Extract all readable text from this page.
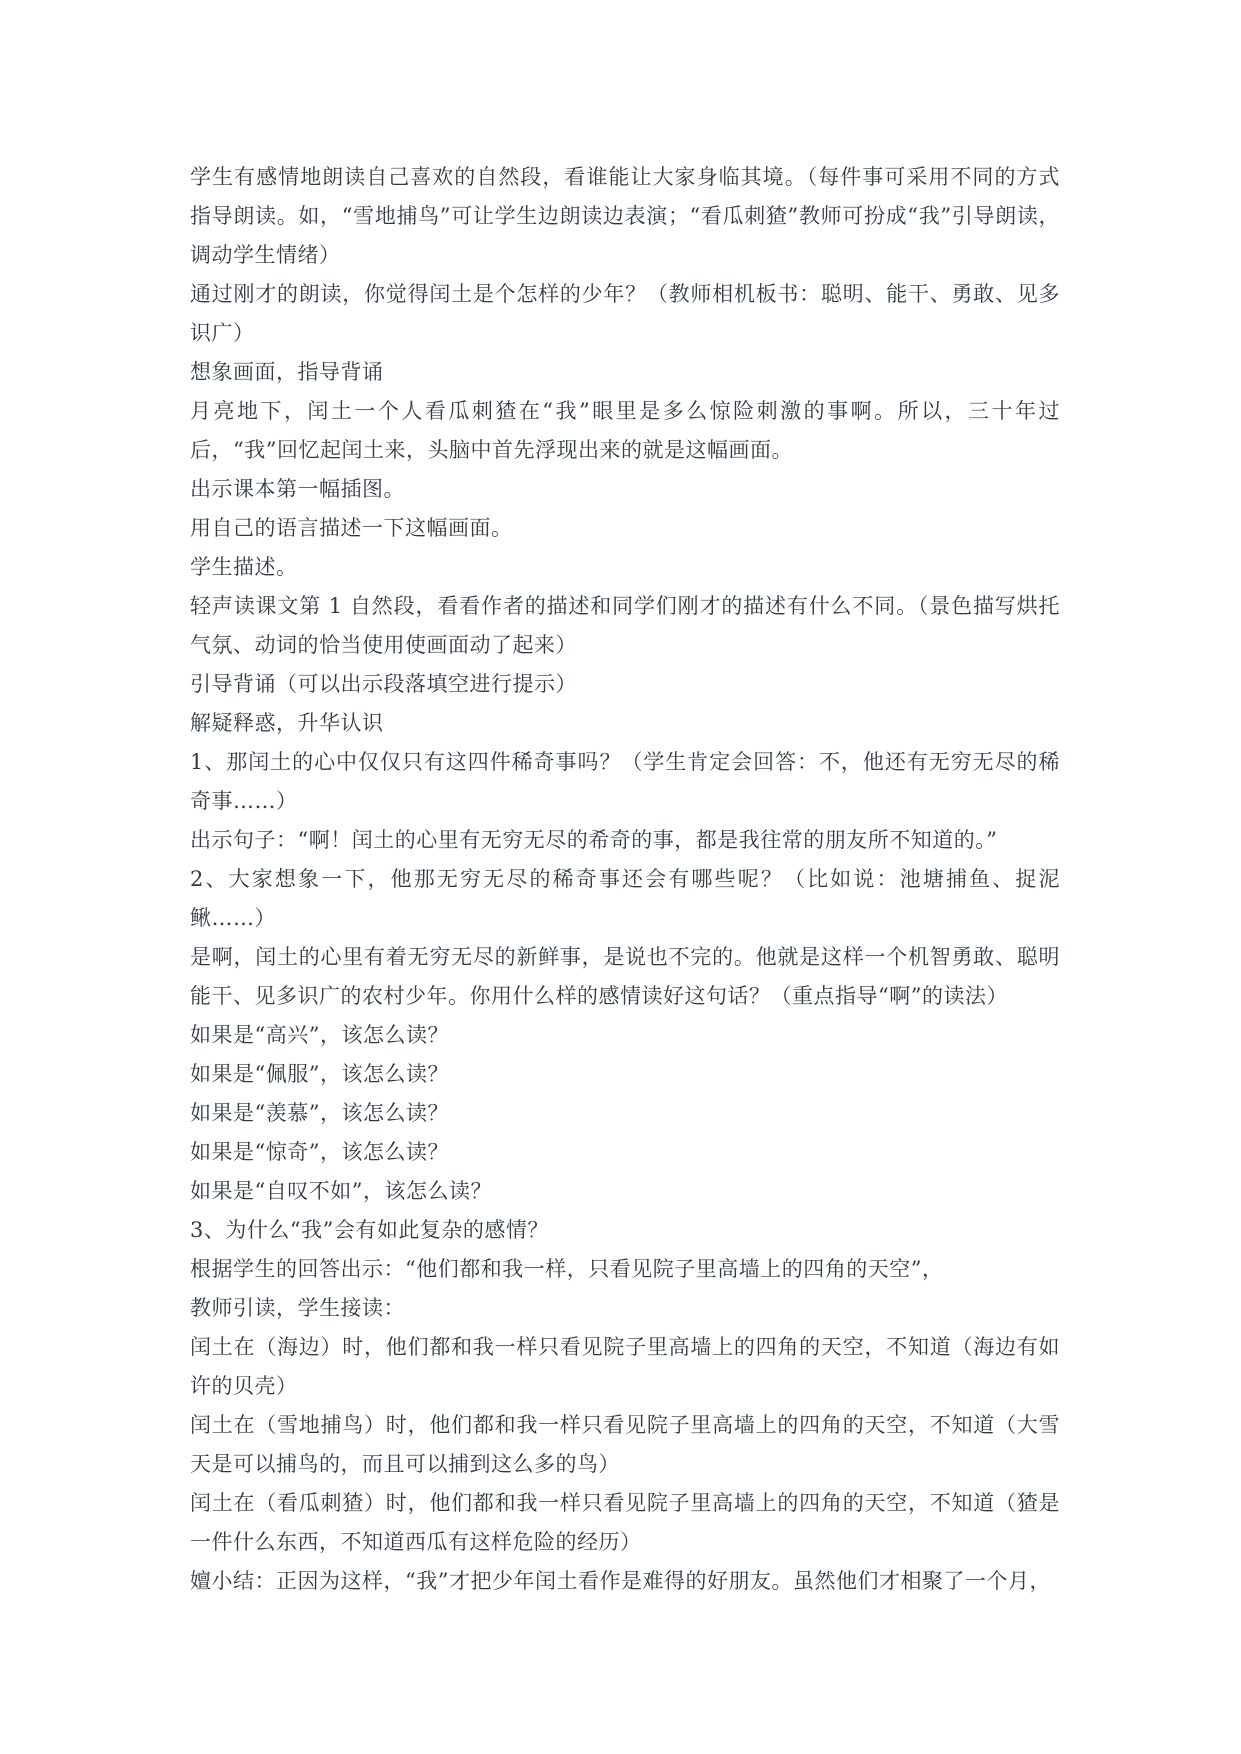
学生有感情地朗读自己喜欢的自然段，看谁能让大家身临其境。（每件事可采用不同的方式指导朗读。如，“雪地捕鸟”可让学生边朗读边表演；“看瓜刺猹”教师可扮成“我”引导朗读，调动学生情绪）

通过刚才的朗读，你觉得闰土是个怎样的少年？（教师相机板书：聪明、能干、勇敢、见多识广）

想象画面，指导背诵

月亮地下，闰土一个人看瓜刺猹在“我”眼里是多么惊险刺激的事啊。所以，三十年过后，“我”回忆起闰土来，头脑中首先浮现出来的就是这幅画面。

出示课本第一幅插图。

用自己的语言描述一下这幅画面。

学生描述。

轻声读课文第 1 自然段，看看作者的描述和同学们刚才的描述有什么不同。（景色描写烘托气氛、动词的恰当使用使画面动了起来）

引导背诵（可以出示段落填空进行提示）

解疑释惑，升华认识

1、那闰土的心中仅仅只有这四件稀奇事吗？（学生肯定会回答：不，他还有无穷无尽的稀奇事……）

出示句子：“啊！闰土的心里有无穷无尽的希奇的事，都是我往常的朋友所不知道的。”

2、大家想象一下，他那无穷无尽的稀奇事还会有哪些呢？（比如说：池塘捕鱼、捉泥鳅……）

是啊，闰土的心里有着无穷无尽的新鲜事，是说也不完的。他就是这样一个机智勇敢、聪明能干、见多识广的农村少年。你用什么样的感情读好这句话？（重点指导“啊”的读法）

如果是“高兴”，该怎么读？

如果是“佩服”，该怎么读？

如果是“羡慕”，该怎么读？

如果是“惊奇”，该怎么读？

如果是“自叹不如”，该怎么读？

3、为什么“我”会有如此复杂的感情？

根据学生的回答出示：“他们都和我一样，只看见院子里高墙上的四角的天空”，

教师引读，学生接读：

闰土在（海边）时，他们都和我一样只看见院子里高墙上的四角的天空，不知道（海边有如许的贝壳）

闰土在（雪地捕鸟）时，他们都和我一样只看见院子里高墙上的四角的天空，不知道（大雪天是可以捕鸟的，而且可以捕到这么多的鸟）

闰土在（看瓜刺猹）时，他们都和我一样只看见院子里高墙上的四角的天空，不知道（猹是一件什么东西，不知道西瓜有这样危险的经历）

嬗小结：正因为这样，“我”才把少年闰土看作是难得的好朋友。虽然他们才相聚了一个月，
